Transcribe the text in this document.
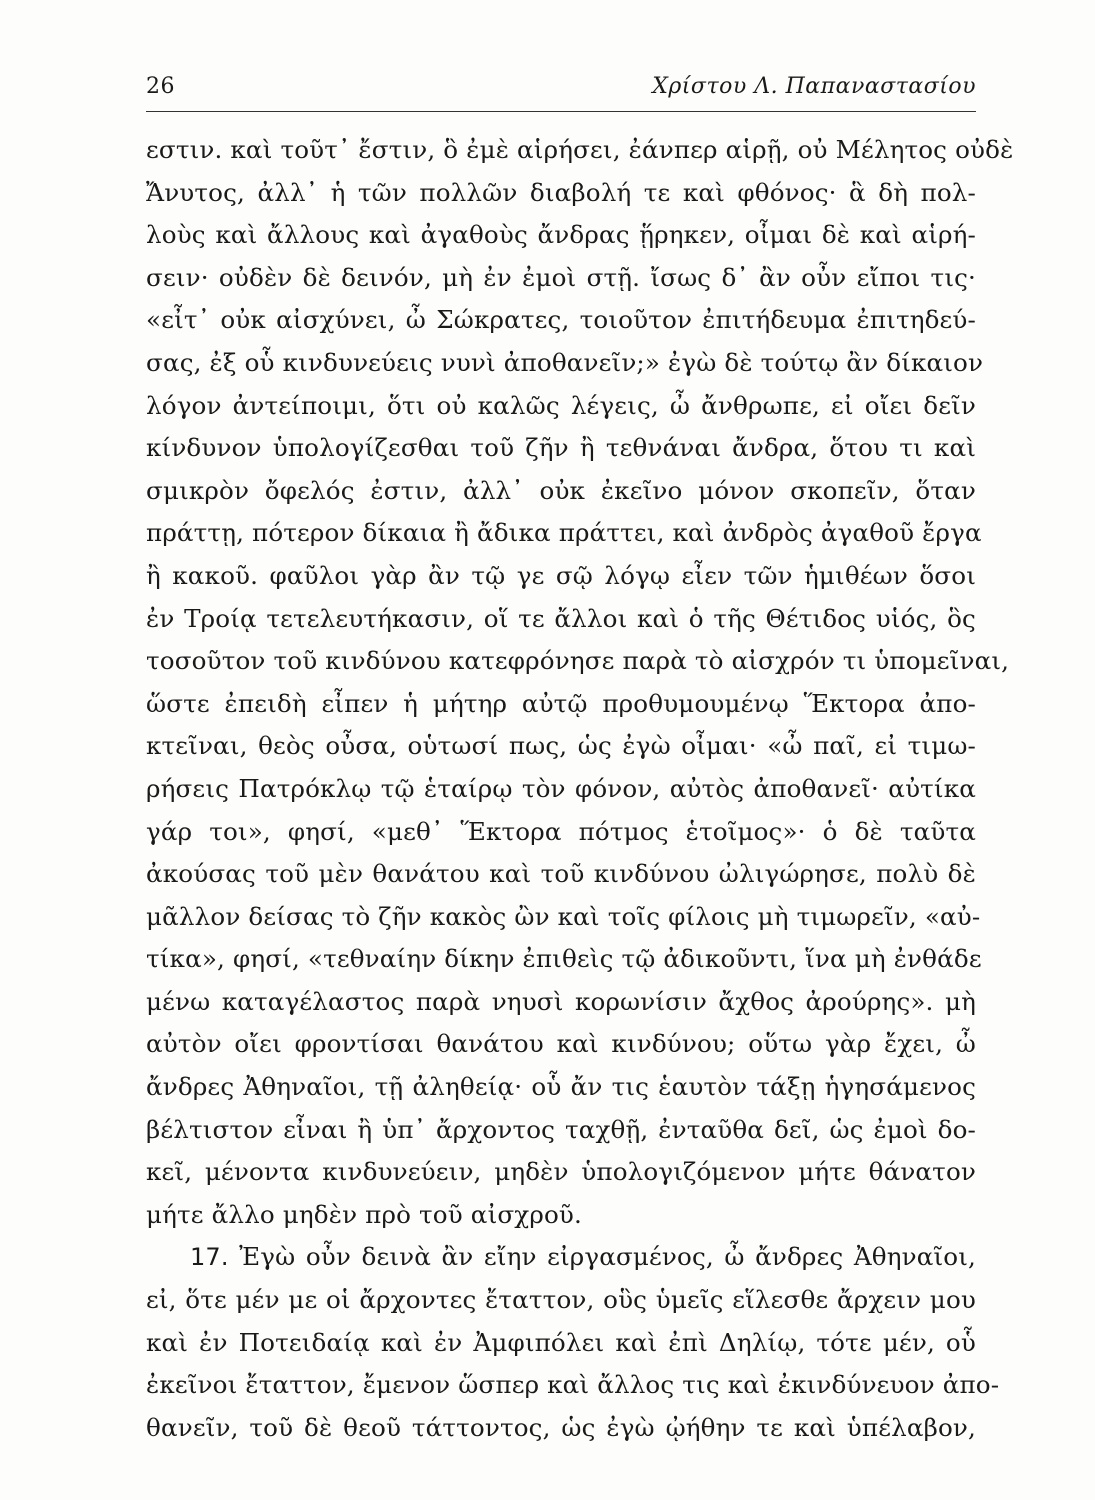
26	Χρίστου Λ. Παπαναστασίου
εστιν. καὶ τοῦτ᾿ ἔστιν, ὃ ἐμὲ αἱρήσει, ἐάνπερ αἱρῇ, οὐ Μέλητος οὐδὲ
Ἄνυτος, ἀλλ᾿ ἡ τῶν πολλῶν διαβολή τε καὶ φθόνος· ἃ δὴ πολ-
λοὺς καὶ ἄλλους καὶ ἀγαθοὺς ἄνδρας ᾕρηκεν, οἶμαι δὲ καὶ αἱρή-
σειν· οὐδὲν δὲ δεινόν, μὴ ἐν ἐμοὶ στῇ. ἴσως δ᾿ ἂν οὖν εἴποι τις·
«εἶτ᾿ οὐκ αἰσχύνει, ὦ Σώκρατες, τοιοῦτον ἐπιτήδευμα ἐπιτηδεύ-
σας, ἐξ οὗ κινδυνεύεις νυνὶ ἀποθανεῖν;» ἐγὼ δὲ τούτῳ ἂν δίκαιον
λόγον ἀντείποιμι, ὅτι οὐ καλῶς λέγεις, ὦ ἄνθρωπε, εἰ οἴει δεῖν
κίνδυνον ὑπολογίζεσθαι τοῦ ζῆν ἢ τεθνάναι ἄνδρα, ὅτου τι καὶ
σμικρὸν ὄφελός ἐστιν, ἀλλ᾿ οὐκ ἐκεῖνο μόνον σκοπεῖν, ὅταν
πράττῃ, πότερον δίκαια ἢ ἄδικα πράττει, καὶ ἀνδρὸς ἀγαθοῦ ἔργα
ἢ κακοῦ. φαῦλοι γὰρ ἂν τῷ γε σῷ λόγῳ εἶεν τῶν ἡμιθέων ὅσοι
ἐν Τροίᾳ τετελευτήκασιν, οἵ τε ἄλλοι καὶ ὁ τῆς Θέτιδος υἱός, ὃς
τοσοῦτον τοῦ κινδύνου κατεφρόνησε παρὰ τὸ αἰσχρόν τι ὑπομεῖναι,
ὥστε ἐπειδὴ εἶπεν ἡ μήτηρ αὐτῷ προθυμουμένῳ Ἕκτορα ἀπο-
κτεῖναι, θεὸς οὖσα, οὑτωσί πως, ὡς ἐγὼ οἶμαι· «ὦ παῖ, εἰ τιμω-
ρήσεις Πατρόκλῳ τῷ ἑταίρῳ τὸν φόνον, αὐτὸς ἀποθανεῖ· αὐτίκα
γάρ τοι», φησί, «μεθ᾿ Ἕκτορα πότμος ἑτοῖμος»· ὁ δὲ ταῦτα
ἀκούσας τοῦ μὲν θανάτου καὶ τοῦ κινδύνου ὠλιγώρησε, πολὺ δὲ
μᾶλλον δείσας τὸ ζῆν κακὸς ὢν καὶ τοῖς φίλοις μὴ τιμωρεῖν, «αὐ-
τίκα», φησί, «τεθναίην δίκην ἐπιθεὶς τῷ ἀδικοῦντι, ἵνα μὴ ἐνθάδε
μένω καταγέλαστος παρὰ νηυσὶ κορωνίσιν ἄχθος ἀρούρης». μὴ
αὐτὸν οἴει φροντίσαι θανάτου καὶ κινδύνου; οὕτω γὰρ ἔχει, ὦ
ἄνδρες Ἀθηναῖοι, τῇ ἀληθείᾳ· οὗ ἄν τις ἑαυτὸν τάξῃ ἡγησάμενος
βέλτιστον εἶναι ἢ ὑπ᾿ ἄρχοντος ταχθῇ, ἐνταῦθα δεῖ, ὡς ἐμοὶ δο-
κεῖ, μένοντα κινδυνεύειν, μηδὲν ὑπολογιζόμενον μήτε θάνατον
μήτε ἄλλο μηδὲν πρὸ τοῦ αἰσχροῦ.
17. Ἐγὼ οὖν δεινὰ ἂν εἴην εἰργασμένος, ὦ ἄνδρες Ἀθηναῖοι,
εἰ, ὅτε μέν με οἱ ἄρχοντες ἔταττον, οὓς ὑμεῖς εἵλεσθε ἄρχειν μου
καὶ ἐν Ποτειδαίᾳ καὶ ἐν Ἀμφιπόλει καὶ ἐπὶ Δηλίῳ, τότε μέν, οὗ
ἐκεῖνοι ἔταττον, ἔμενον ὥσπερ καὶ ἄλλος τις καὶ ἐκινδύνευον ἀπο-
θανεῖν, τοῦ δὲ θεοῦ τάττοντος, ὡς ἐγὼ ᾠήθην τε καὶ ὑπέλαβον,
